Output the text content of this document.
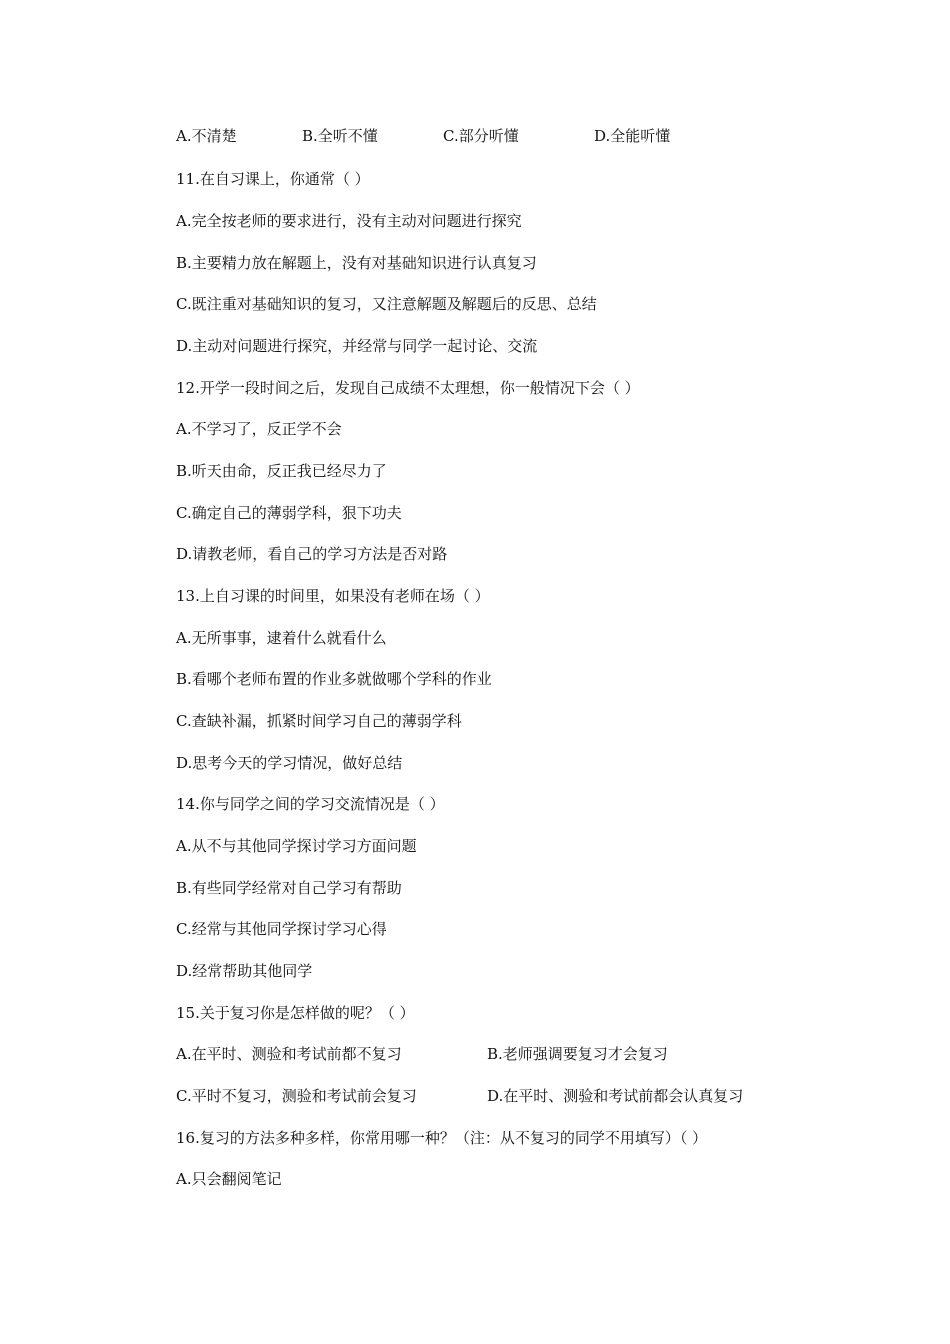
A.不清楚	B.全听不懂	C.部分听懂	D.全能听懂
11.在自习课上，你通常（ ）
A.完全按老师的要求进行，没有主动对问题进行探究
B.主要精力放在解题上，没有对基础知识进行认真复习
C.既注重对基础知识的复习，又注意解题及解题后的反思、总结
D.主动对问题进行探究，并经常与同学一起讨论、交流
12.开学一段时间之后，发现自己成绩不太理想，你一般情况下会（ ）
A.不学习了，反正学不会
B.听天由命，反正我已经尽力了
C.确定自己的薄弱学科，狠下功夫
D.请教老师，看自己的学习方法是否对路
13.上自习课的时间里，如果没有老师在场（ ）
A.无所事事，逮着什么就看什么
B.看哪个老师布置的作业多就做哪个学科的作业
C.查缺补漏，抓紧时间学习自己的薄弱学科
D.思考今天的学习情况，做好总结
14.你与同学之间的学习交流情况是（ ）
A.从不与其他同学探讨学习方面问题
B.有些同学经常对自己学习有帮助
C.经常与其他同学探讨学习心得
D.经常帮助其他同学
15.关于复习你是怎样做的呢？（ ）
A.在平时、测验和考试前都不复习	B.老师强调要复习才会复习
C.平时不复习，测验和考试前会复习	D.在平时、测验和考试前都会认真复习
16.复习的方法多种多样，你常用哪一种？（注：从不复习的同学不用填写）（ ）
A.只会翻阅笔记
